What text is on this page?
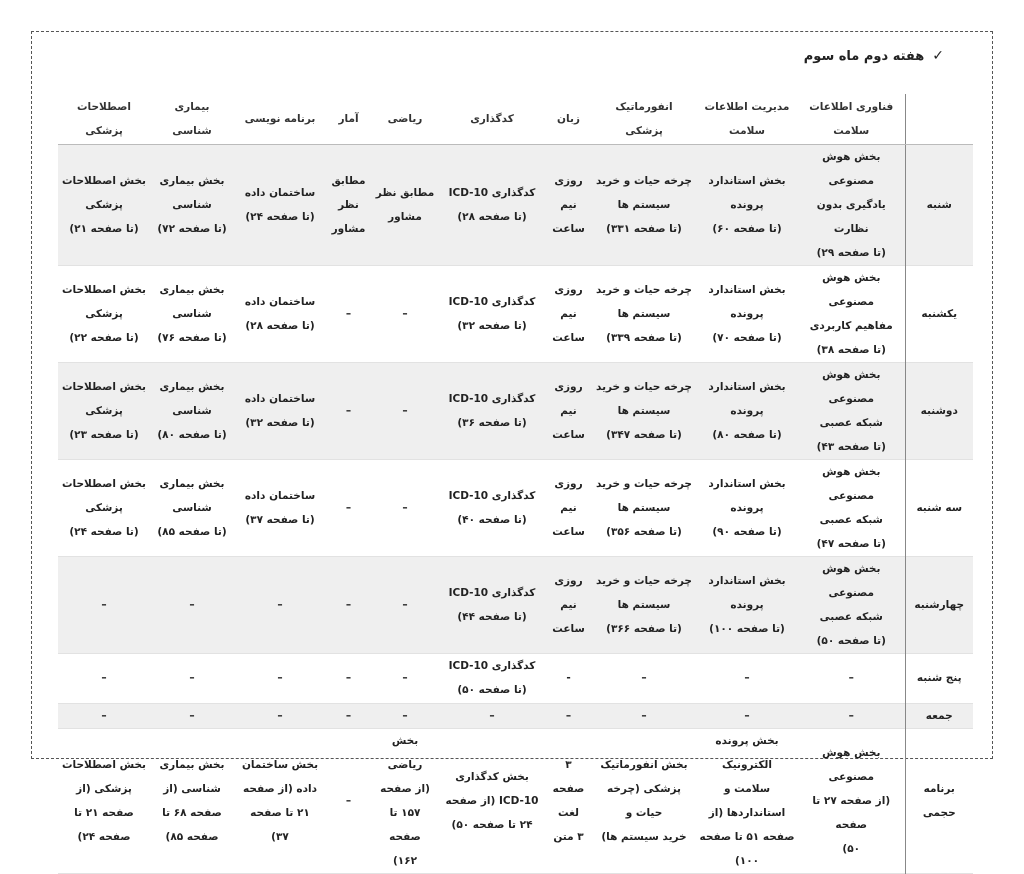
✓
هفته دوم ماه سوم
	فناوری اطلاعات سلامت	مدیریت اطلاعات سلامت	انفورماتیک پزشکی	زبان	کدگذاری	ریاضی	آمار	برنامه نویسی	بیماری شناسی	اصطلاحات پزشکی
شنبه	بخش هوش مصنوعی
یادگیری بدون نظارت
(تا صفحه ۲۹)	بخش استاندارد پرونده
(تا صفحه ۶۰)	چرخه حیات و خرید
سیستم ها
(تا صفحه ۳۳۱)	روزی
نیم
ساعت	کدگذاری ICD-10
(تا صفحه ۲۸)	مطابق نظر
مشاور	مطابق
نظر
مشاور	ساختمان داده
(تا صفحه ۲۴)	بخش بیماری
شناسی
(تا صفحه ۷۲)	بخش اصطلاحات
پزشکی
(تا صفحه ۲۱)
یکشنبه	بخش هوش مصنوعی
مفاهیم کاربردی
(تا صفحه ۳۸)	بخش استاندارد پرونده
(تا صفحه ۷۰)	چرخه حیات و خرید
سیستم ها
(تا صفحه ۳۳۹)	روزی
نیم
ساعت	کدگذاری ICD-10
(تا صفحه ۳۲)	–	–	ساختمان داده
(تا صفحه ۲۸)	بخش بیماری
شناسی
(تا صفحه ۷۶)	بخش اصطلاحات
پزشکی
(تا صفحه ۲۲)
دوشنبه	بخش هوش مصنوعی
شبکه عصبی
(تا صفحه ۴۳)	بخش استاندارد پرونده
(تا صفحه ۸۰)	چرخه حیات و خرید
سیستم ها
(تا صفحه ۳۴۷)	روزی
نیم
ساعت	کدگذاری ICD-10
(تا صفحه ۳۶)	–	–	ساختمان داده
(تا صفحه ۳۲)	بخش بیماری
شناسی
(تا صفحه ۸۰)	بخش اصطلاحات
پزشکی
(تا صفحه ۲۳)
سه شنبه	بخش هوش مصنوعی
شبکه عصبی
(تا صفحه ۴۷)	بخش استاندارد پرونده
(تا صفحه ۹۰)	چرخه حیات و خرید
سیستم ها
(تا صفحه ۳۵۶)	روزی
نیم
ساعت	کدگذاری ICD-10
(تا صفحه ۴۰)	–	–	ساختمان داده
(تا صفحه ۳۷)	بخش بیماری
شناسی
(تا صفحه ۸۵)	بخش اصطلاحات
پزشکی
(تا صفحه ۲۴)
چهارشنبه	بخش هوش مصنوعی
شبکه عصبی
(تا صفحه ۵۰)	بخش استاندارد پرونده
(تا صفحه ۱۰۰)	چرخه حیات و خرید
سیستم ها
(تا صفحه ۳۶۶)	روزی
نیم
ساعت	کدگذاری ICD-10
(تا صفحه ۴۴)	–	–	–	–	–
پنج شنبه	–	–	–	-	کدگذاری ICD-10
(تا صفحه ۵۰)	–	–	–	–	–
جمعه	–	–	–	–	–	–	–	–	–	–
برنامه
حجمی	بخش هوش مصنوعی
(از صفحه ۲۷ تا صفحه
۵۰)	بخش پرونده الکترونیک
سلامت و استانداردها (از
صفحه ۵۱ تا صفحه ۱۰۰)	بخش انفورماتیک
پزشکی (چرخه حیات و
خرید سیستم ها)	۳ صفحه
لغت
۳ متن	بخش کدگذاری
ICD-10 (از صفحه
۲۴ تا صفحه ۵۰)	بخش ریاضی
(از صفحه
۱۵۷ تا صفحه
۱۶۲)	–	بخش ساختمان
داده (از صفحه
۲۱ تا صفحه
۳۷)	بخش بیماری
شناسی (از
صفحه ۶۸ تا
صفحه ۸۵)	بخش اصطلاحات
پزشکی (از
صفحه ۲۱ تا
صفحه ۲۴)
